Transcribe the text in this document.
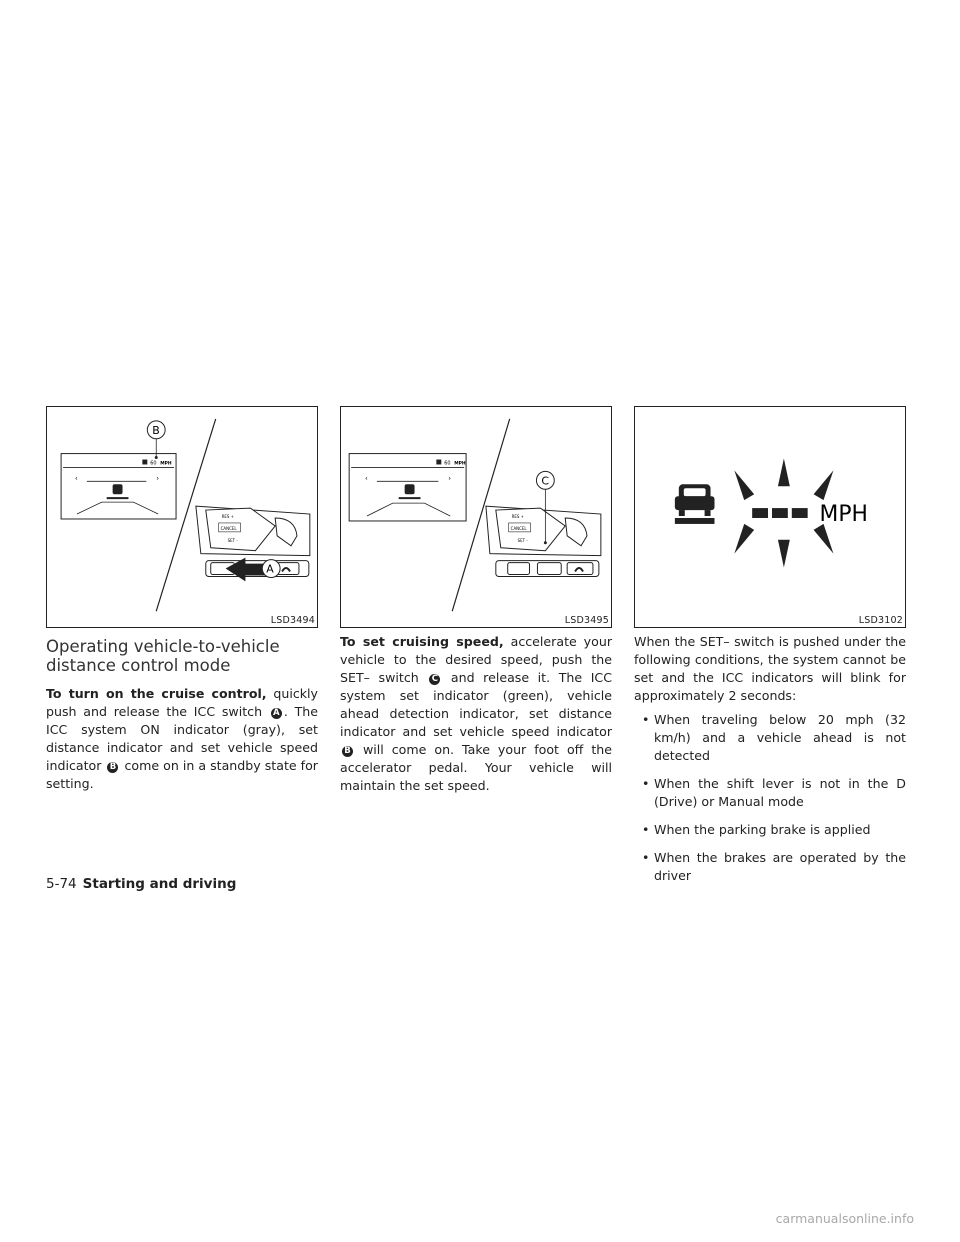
60 MPH
‹	›
B
RES +
CANCEL
SET -
A
LSD3494
60 MPH
‹	›
RES +
CANCEL
SET -
C
LSD3495
MPH
LSD3102
Operating vehicle-to-vehicle distance control mode

To turn on the cruise control, quickly push and release the ICC switch A . The ICC system ON indicator (gray), set distance indicator and set vehicle speed indicator B come on in a standby state for setting.

To set cruising speed, accelerate your vehicle to the desired speed, push the SET– switch C and release it. The ICC system set indicator (green), vehicle ahead detection indicator, set distance indicator and set vehicle speed indicator B will come on. Take your foot off the accelerator pedal. Your vehicle will maintain the set speed.

When the SET– switch is pushed under the following conditions, the system cannot be set and the ICC indicators will blink for approximately 2 seconds:

• When traveling below 20 mph (32 km/h) and a vehicle ahead is not detected
• When the shift lever is not in the D (Drive) or Manual mode
• When the parking brake is applied
• When the brakes are operated by the driver
5-74 Starting and driving
carmanualsonline.info
